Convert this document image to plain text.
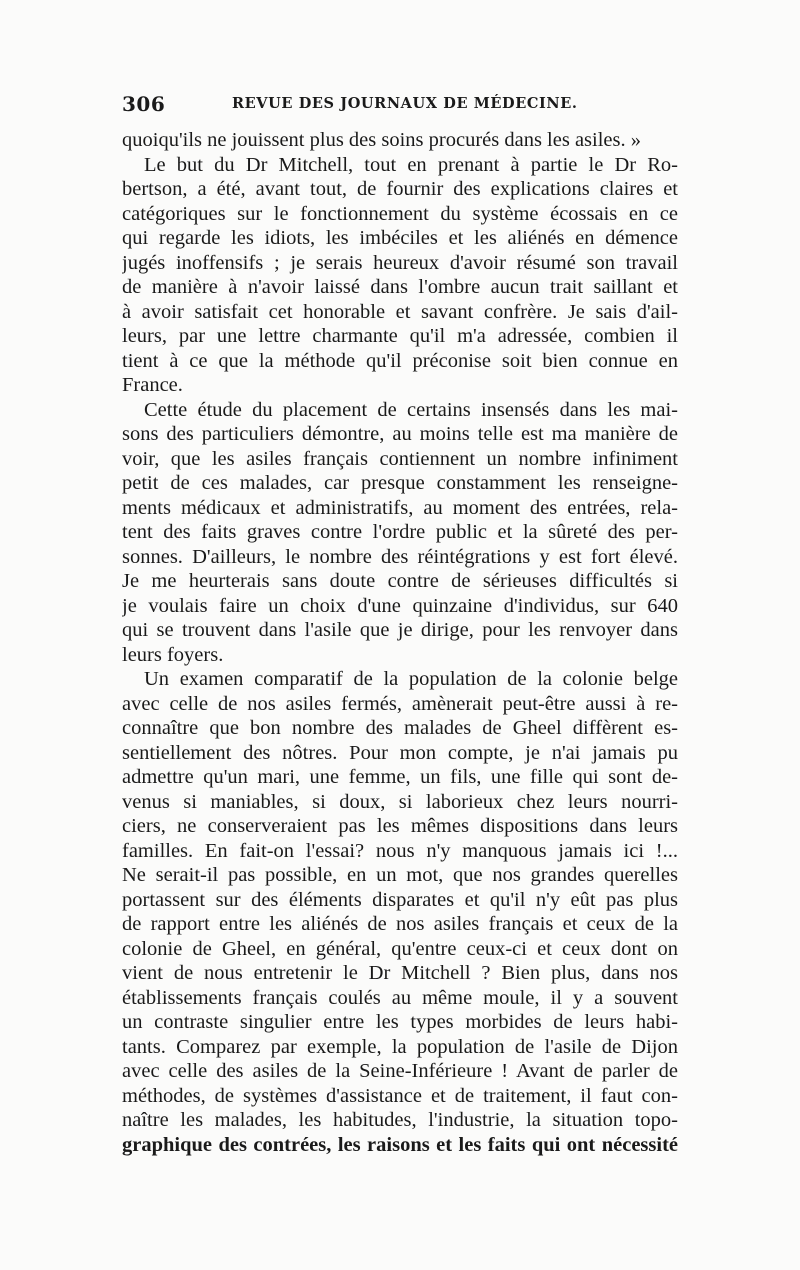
306	REVUE DES JOURNAUX DE MÉDECINE.
quoiqu'ils ne jouissent plus des soins procurés dans les asiles. »
Le but du Dr Mitchell, tout en prenant à partie le Dr Ro-
bertson, a été, avant tout, de fournir des explications claires et
catégoriques sur le fonctionnement du système écossais en ce
qui regarde les idiots, les imbéciles et les aliénés en démence
jugés inoffensifs ; je serais heureux d'avoir résumé son travail
de manière à n'avoir laissé dans l'ombre aucun trait saillant et
à avoir satisfait cet honorable et savant confrère. Je sais d'ail-
leurs, par une lettre charmante qu'il m'a adressée, combien il
tient à ce que la méthode qu'il préconise soit bien connue en
France.
Cette étude du placement de certains insensés dans les mai-
sons des particuliers démontre, au moins telle est ma manière de
voir, que les asiles français contiennent un nombre infiniment
petit de ces malades, car presque constamment les renseigne-
ments médicaux et administratifs, au moment des entrées, rela-
tent des faits graves contre l'ordre public et la sûreté des per-
sonnes. D'ailleurs, le nombre des réintégrations y est fort élevé.
Je me heurterais sans doute contre de sérieuses difficultés si
je voulais faire un choix d'une quinzaine d'individus, sur 640
qui se trouvent dans l'asile que je dirige, pour les renvoyer dans
leurs foyers.
Un examen comparatif de la population de la colonie belge
avec celle de nos asiles fermés, amènerait peut-être aussi à re-
connaître que bon nombre des malades de Gheel diffèrent es-
sentiellement des nôtres. Pour mon compte, je n'ai jamais pu
admettre qu'un mari, une femme, un fils, une fille qui sont de-
venus si maniables, si doux, si laborieux chez leurs nourri-
ciers, ne conserveraient pas les mêmes dispositions dans leurs
familles. En fait-on l'essai? nous n'y manquous jamais ici !...
Ne serait-il pas possible, en un mot, que nos grandes querelles
portassent sur des éléments disparates et qu'il n'y eût pas plus
de rapport entre les aliénés de nos asiles français et ceux de la
colonie de Gheel, en général, qu'entre ceux-ci et ceux dont on
vient de nous entretenir le Dr Mitchell ? Bien plus, dans nos
établissements français coulés au même moule, il y a souvent
un contraste singulier entre les types morbides de leurs habi-
tants. Comparez par exemple, la population de l'asile de Dijon
avec celle des asiles de la Seine-Inférieure ! Avant de parler de
méthodes, de systèmes d'assistance et de traitement, il faut con-
naître les malades, les habitudes, l'industrie, la situation topo-
graphique des contrées, les raisons et les faits qui ont nécessité
